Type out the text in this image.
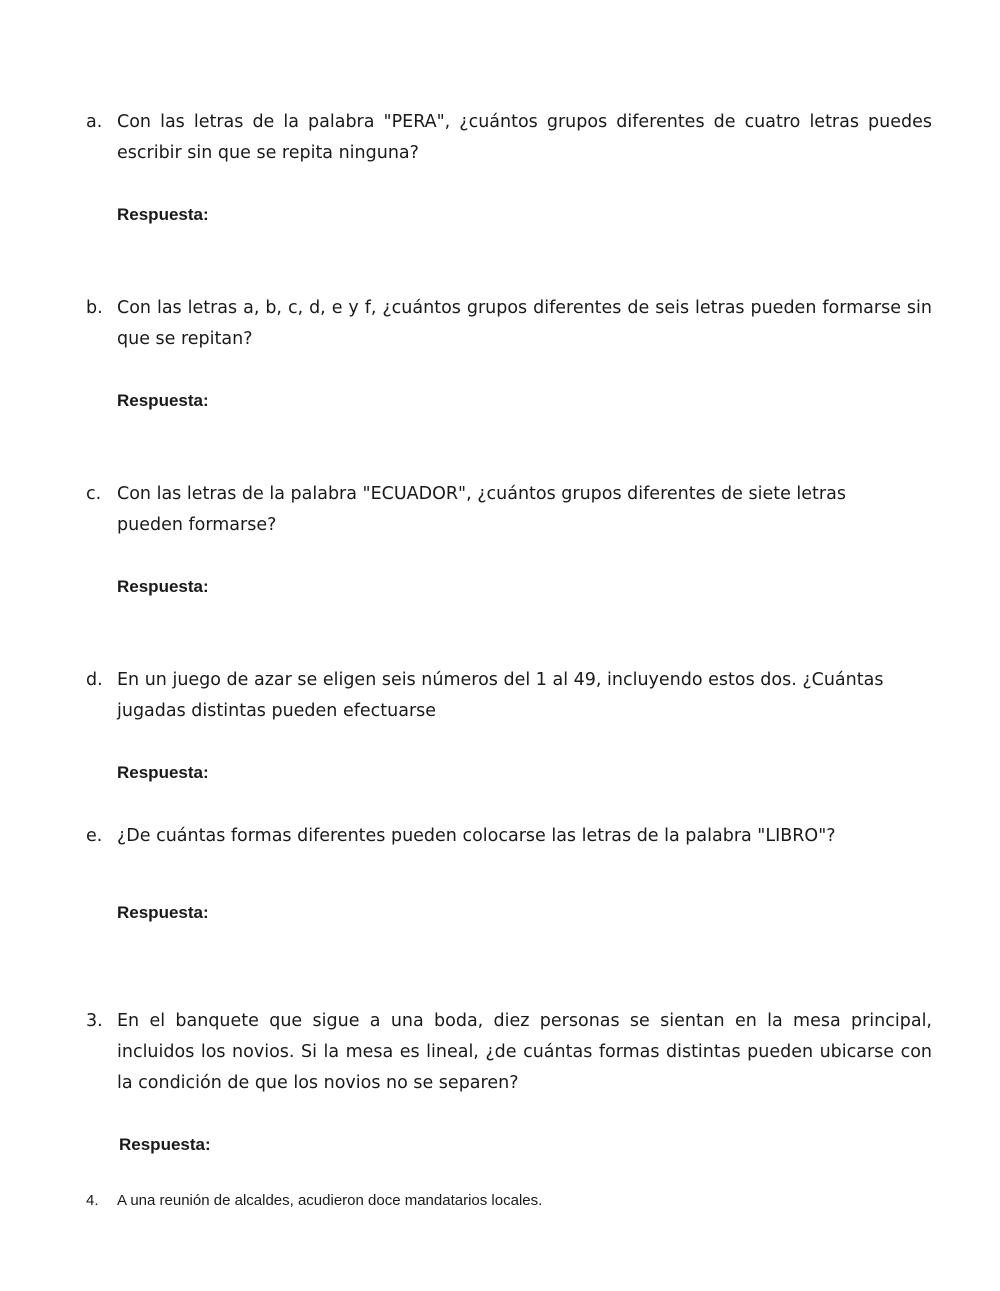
a. Con las letras de la palabra "PERA", ¿cuántos grupos diferentes de cuatro letras puedes escribir sin que se repita ninguna?
Respuesta:
b. Con las letras a, b, c, d, e y f, ¿cuántos grupos diferentes de seis letras pueden formarse sin que se repitan?
Respuesta:
c. Con las letras de la palabra "ECUADOR", ¿cuántos grupos diferentes de siete letras pueden formarse?
Respuesta:
d. En un juego de azar se eligen seis números del 1 al 49, incluyendo estos dos. ¿Cuántas jugadas distintas pueden efectuarse
Respuesta:
e. ¿De cuántas formas diferentes pueden colocarse las letras de la palabra "LIBRO"?
Respuesta:
3. En el banquete que sigue a una boda, diez personas se sientan en la mesa principal, incluidos los novios. Si la mesa es lineal, ¿de cuántas formas distintas pueden ubicarse con la condición de que los novios no se separen?
Respuesta:
4.	A una reunión de alcaldes, acudieron doce mandatarios locales.
